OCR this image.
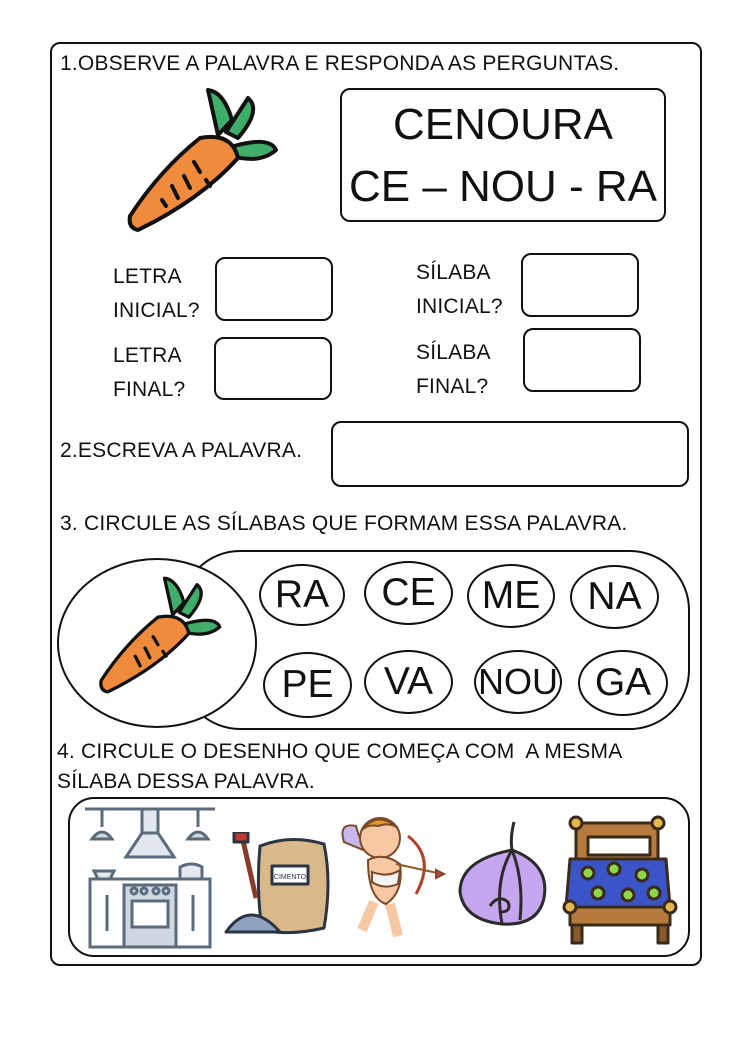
1.OBSERVE A PALAVRA E RESPONDA AS PERGUNTAS.
CENOURA
CE – NOU - RA
LETRA
INICIAL?
LETRA
FINAL?
SÍLABA
INICIAL?
SÍLABA
FINAL?
2.ESCREVA A PALAVRA.
3. CIRCULE AS SÍLABAS QUE FORMAM ESSA PALAVRA.
RA	CE	ME	NA
PE	VA	NOU GA
4. CIRCULE O DESENHO QUE COMEÇA COM  A MESMA
SÍLABA DESSA PALAVRA.
CIMENTO
